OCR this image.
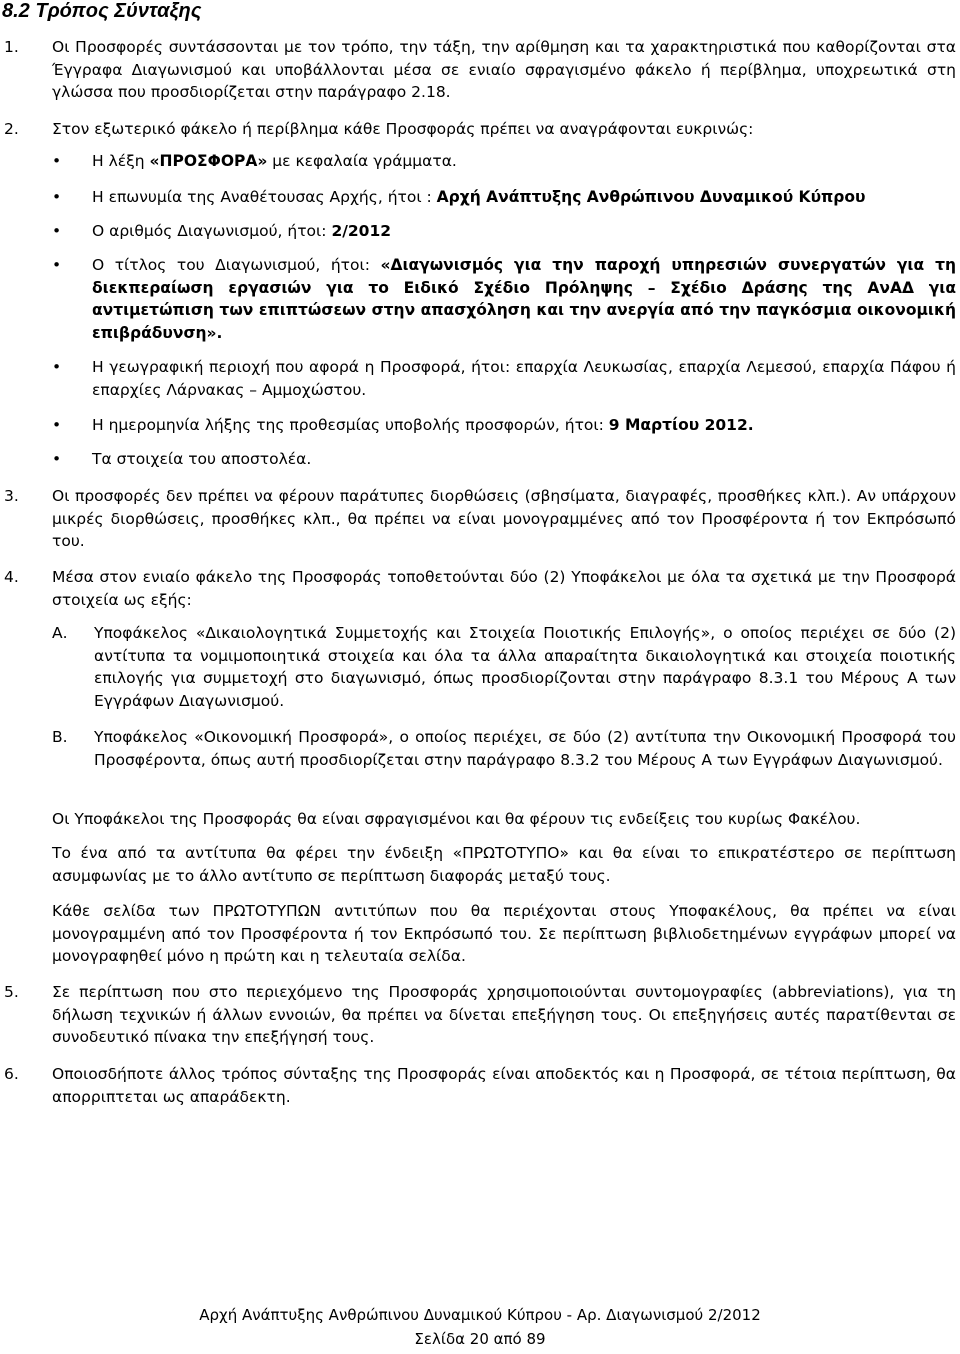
8.2 Τρόπος Σύνταξης
1. Οι Προσφορές συντάσσονται με τον τρόπο, την τάξη, την αρίθμηση και τα χαρακτηριστικά που καθορίζονται στα Έγγραφα Διαγωνισμού και υποβάλλονται μέσα σε ενιαίο σφραγισμένο φάκελο ή περίβλημα, υποχρεωτικά στη γλώσσα που προσδιορίζεται στην παράγραφο 2.18.
2. Στον εξωτερικό φάκελο ή περίβλημα κάθε Προσφοράς πρέπει να αναγράφονται ευκρινώς:
• Η λέξη «ΠΡΟΣΦΟΡΑ» με κεφαλαία γράμματα.
• Η επωνυμία της Αναθέτουσας Αρχής, ήτοι : Αρχή Ανάπτυξης Ανθρώπινου Δυναμικού Κύπρου
• Ο αριθμός Διαγωνισμού, ήτοι: 2/2012
• Ο τίτλος του Διαγωνισμού, ήτοι: «Διαγωνισμός για την παροχή υπηρεσιών συνεργατών για τη διεκπεραίωση εργασιών για το Ειδικό Σχέδιο Πρόληψης – Σχέδιο Δράσης της ΑνΑΔ για αντιμετώπιση των επιπτώσεων στην απασχόληση και την ανεργία από την παγκόσμια οικονομική επιβράδυνση».
• Η γεωγραφική περιοχή που αφορά η Προσφορά, ήτοι: επαρχία Λευκωσίας, επαρχία Λεμεσού, επαρχία Πάφου ή επαρχίες Λάρνακας – Αμμοχώστου.
• Η ημερομηνία λήξης της προθεσμίας υποβολής προσφορών, ήτοι: 9 Μαρτίου 2012.
• Τα στοιχεία του αποστολέα.
3. Οι προσφορές δεν πρέπει να φέρουν παράτυπες διορθώσεις (σβησίματα, διαγραφές, προσθήκες κλπ.). Αν υπάρχουν μικρές διορθώσεις, προσθήκες κλπ., θα πρέπει να είναι μονογραμμένες από τον Προσφέροντα ή τον Εκπρόσωπό του.
4. Μέσα στον ενιαίο φάκελο της Προσφοράς τοποθετούνται δύο (2) Υποφάκελοι με όλα τα σχετικά με την Προσφορά στοιχεία ως εξής:
Α. Υποφάκελος «Δικαιολογητικά Συμμετοχής και Στοιχεία Ποιοτικής Επιλογής», ο οποίος περιέχει σε δύο (2) αντίτυπα τα νομιμοποιητικά στοιχεία και όλα τα άλλα απαραίτητα δικαιολογητικά και στοιχεία ποιοτικής επιλογής για συμμετοχή στο διαγωνισμό, όπως προσδιορίζονται στην παράγραφο 8.3.1 του Μέρους Α των Εγγράφων Διαγωνισμού.
Β. Υποφάκελος «Οικονομική Προσφορά», ο οποίος περιέχει, σε δύο (2) αντίτυπα την Οικονομική Προσφορά του Προσφέροντα, όπως αυτή προσδιορίζεται στην παράγραφο 8.3.2 του Μέρους Α των Εγγράφων Διαγωνισμού.
Οι Υποφάκελοι της Προσφοράς θα είναι σφραγισμένοι και θα φέρουν τις ενδείξεις του κυρίως Φακέλου.
Το ένα από τα αντίτυπα θα φέρει την ένδειξη «ΠΡΩΤΟΤΥΠΟ» και θα είναι το επικρατέστερο σε περίπτωση ασυμφωνίας με το άλλο αντίτυπο σε περίπτωση διαφοράς μεταξύ τους.
Κάθε σελίδα των ΠΡΩΤΟΤΥΠΩΝ αντιτύπων που θα περιέχονται στους Υποφακέλους, θα πρέπει να είναι μονογραμμένη από τον Προσφέροντα ή τον Εκπρόσωπό του. Σε περίπτωση βιβλιοδετημένων εγγράφων μπορεί να μονογραφηθεί μόνο η πρώτη και η τελευταία σελίδα.
5. Σε περίπτωση που στο περιεχόμενο της Προσφοράς χρησιμοποιούνται συντομογραφίες (abbreviations), για τη δήλωση τεχνικών ή άλλων εννοιών, θα πρέπει να δίνεται επεξήγηση τους. Οι επεξηγήσεις αυτές παρατίθενται σε συνοδευτικό πίνακα την επεξήγησή τους.
6. Οποιοσδήποτε άλλος τρόπος σύνταξης της Προσφοράς είναι αποδεκτός και η Προσφορά, σε τέτοια περίπτωση, θα απορριπτεται ως απαράδεκτη.
Αρχή Ανάπτυξης Ανθρώπινου Δυναμικού Κύπρου - Αρ. Διαγωνισμού 2/2012
Σελίδα 20 από 89
